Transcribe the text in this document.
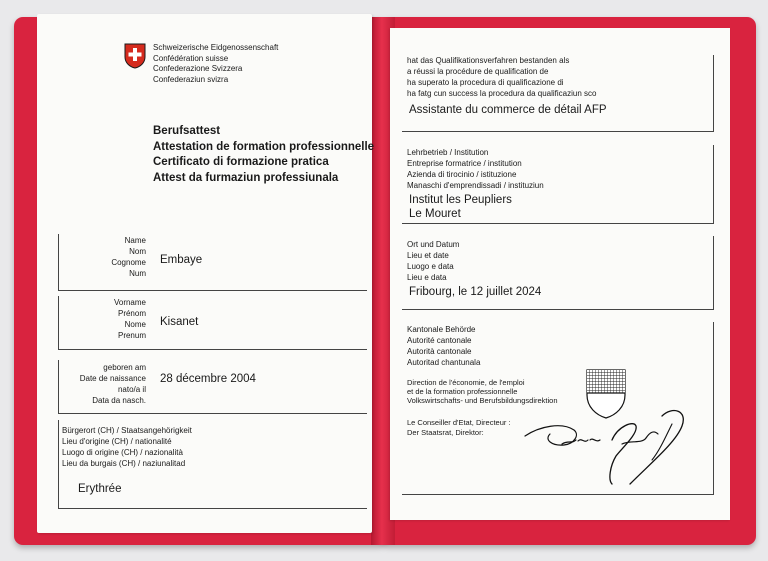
Schweizerische Eidgenossenschaft
Confédération suisse
Confederazione Svizzera
Confederaziun svizra
Berufsattest
Attestation de formation professionnelle
Certificato di formazione pratica
Attest da furmaziun professiunala
Name
Nom
Cognome
Num
Embaye
Vorname
Prénom
Nome
Prenum
Kisanet
geboren am
Date de naissance
nato/a il
Data da nasch.
28 décembre 2004
Bürgerort (CH) / Staatsangehörigkeit
Lieu d'origine (CH) / nationalité
Luogo di origine (CH) / nazionalità
Lieu da burgais (CH) / naziunalitad
Erythrée
hat das Qualifikationsverfahren bestanden als
a réussi la procédure de qualification de
ha superato la procedura di qualificazione di
ha fatg cun success la procedura da qualificaziun sco
Assistante du commerce de détail AFP
Lehrbetrieb / Institution
Entreprise formatrice / institution
Azienda di tirocinio / istituzione
Manaschi d'emprendissadi / instituziun
Institut les Peupliers
Le Mouret
Ort und Datum
Lieu et date
Luogo e data
Lieu e data
Fribourg, le 12 juillet 2024
Kantonale Behörde
Autorité cantonale
Autorità cantonale
Autoritad chantunala
Direction de l'économie, de l'emploi
et de la formation professionnelle
Volkswirtschafts- und Berufsbildungsdirektion
Le Conseiller d'Etat, Directeur :
Der Staatsrat, Direktor:
